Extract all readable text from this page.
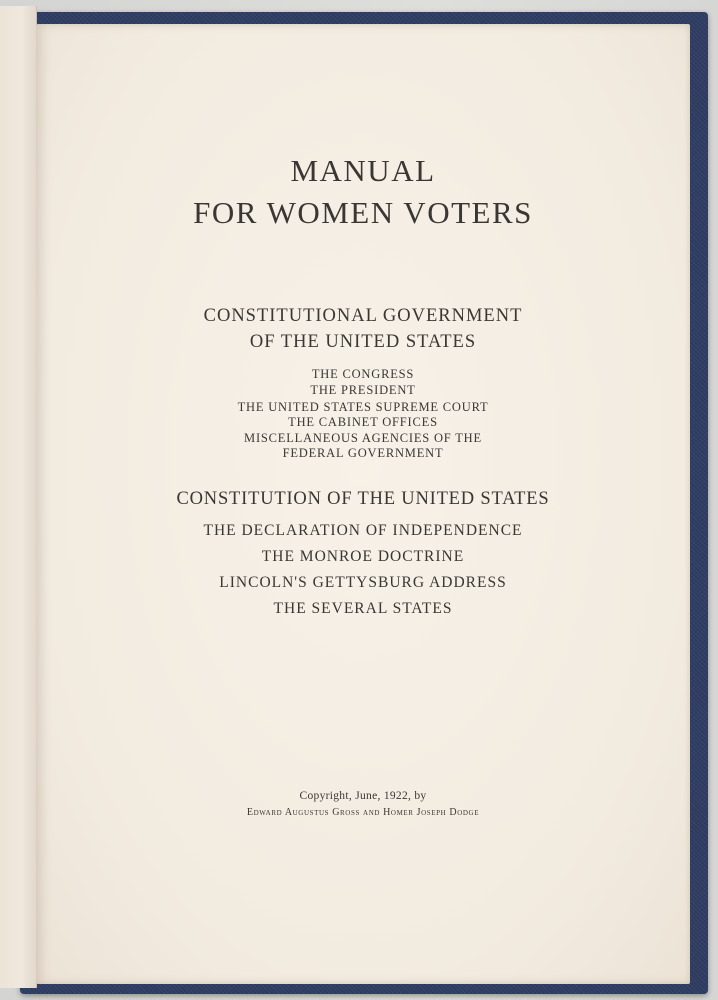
MANUAL

FOR WOMEN VOTERS

CONSTITUTIONAL GOVERNMENT

OF THE UNITED STATES

THE CONGRESS

THE PRESIDENT

THE UNITED STATES SUPREME COURT

THE CABINET OFFICES

MISCELLANEOUS AGENCIES OF THE

FEDERAL GOVERNMENT

CONSTITUTION OF THE UNITED STATES

THE DECLARATION OF INDEPENDENCE

THE MONROE DOCTRINE

LINCOLN'S GETTYSBURG ADDRESS

THE SEVERAL STATES

Copyright, June, 1922, by

Edward Augustus Gross and Homer Joseph Dodge
